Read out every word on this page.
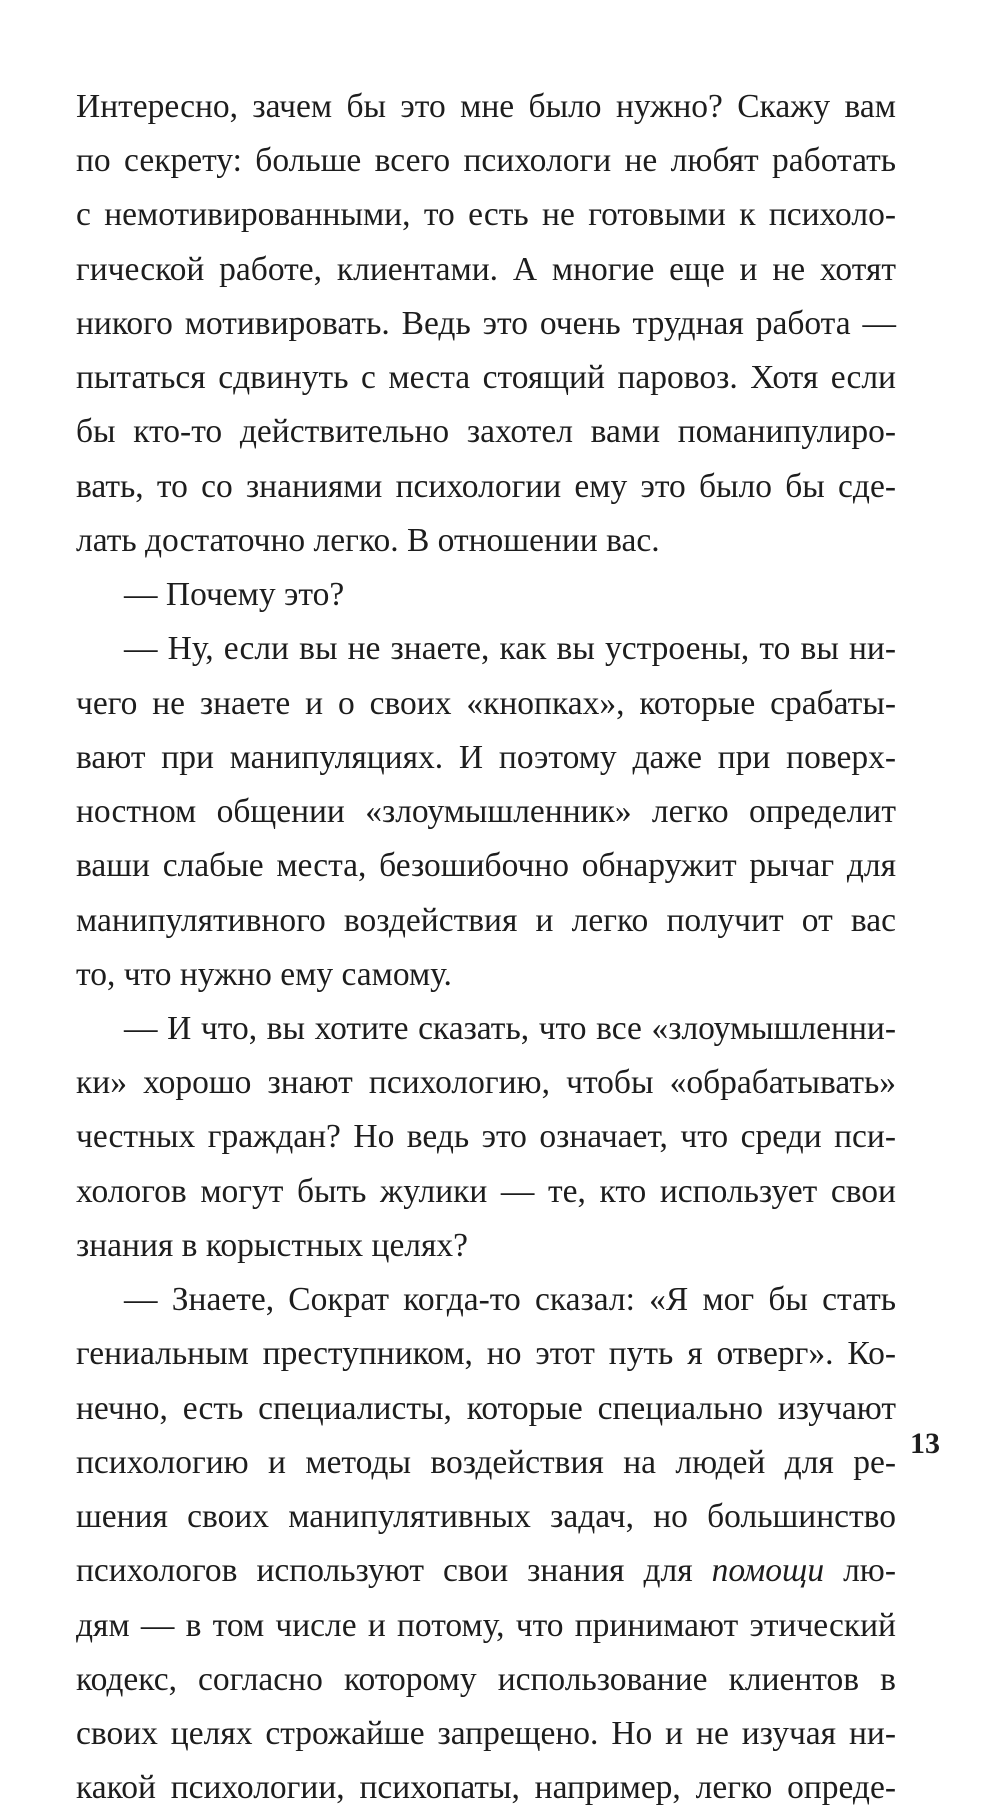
Интересно, зачем бы это мне было нужно? Скажу вам
по секрету: больше всего психологи не любят работать
с немотивированными, то есть не готовыми к психоло-
гической работе, клиентами. А многие еще и не хотят
никого мотивировать. Ведь это очень трудная работа —
пытаться сдвинуть с места стоящий паровоз. Хотя если
бы кто-то действительно захотел вами поманипулиро-
вать, то со знаниями психологии ему это было бы сде-
лать достаточно легко. В отношении вас.
— Почему это?
— Ну, если вы не знаете, как вы устроены, то вы ни-
чего не знаете и о своих «кнопках», которые срабаты-
вают при манипуляциях. И поэтому даже при поверх-
ностном общении «злоумышленник» легко определит
ваши слабые места, безошибочно обнаружит рычаг для
манипулятивного воздействия и легко получит от вас
то, что нужно ему самому.
— И что, вы хотите сказать, что все «злоумышленни-
ки» хорошо знают психологию, чтобы «обрабатывать»
честных граждан? Но ведь это означает, что среди пси-
хологов могут быть жулики — те, кто использует свои
знания в корыстных целях?
— Знаете, Сократ когда-то сказал: «Я мог бы стать
гениальным преступником, но этот путь я отверг». Ко-
нечно, есть специалисты, которые специально изучают
психологию и методы воздействия на людей для ре-
шения своих манипулятивных задач, но большинство
психологов используют свои знания для помощи лю-
дям — в том числе и потому, что принимают этический
кодекс, согласно которому использование клиентов в
своих целях строжайше запрещено. Но и не изучая ни-
какой психологии, психопаты, например, легко опреде-
13
